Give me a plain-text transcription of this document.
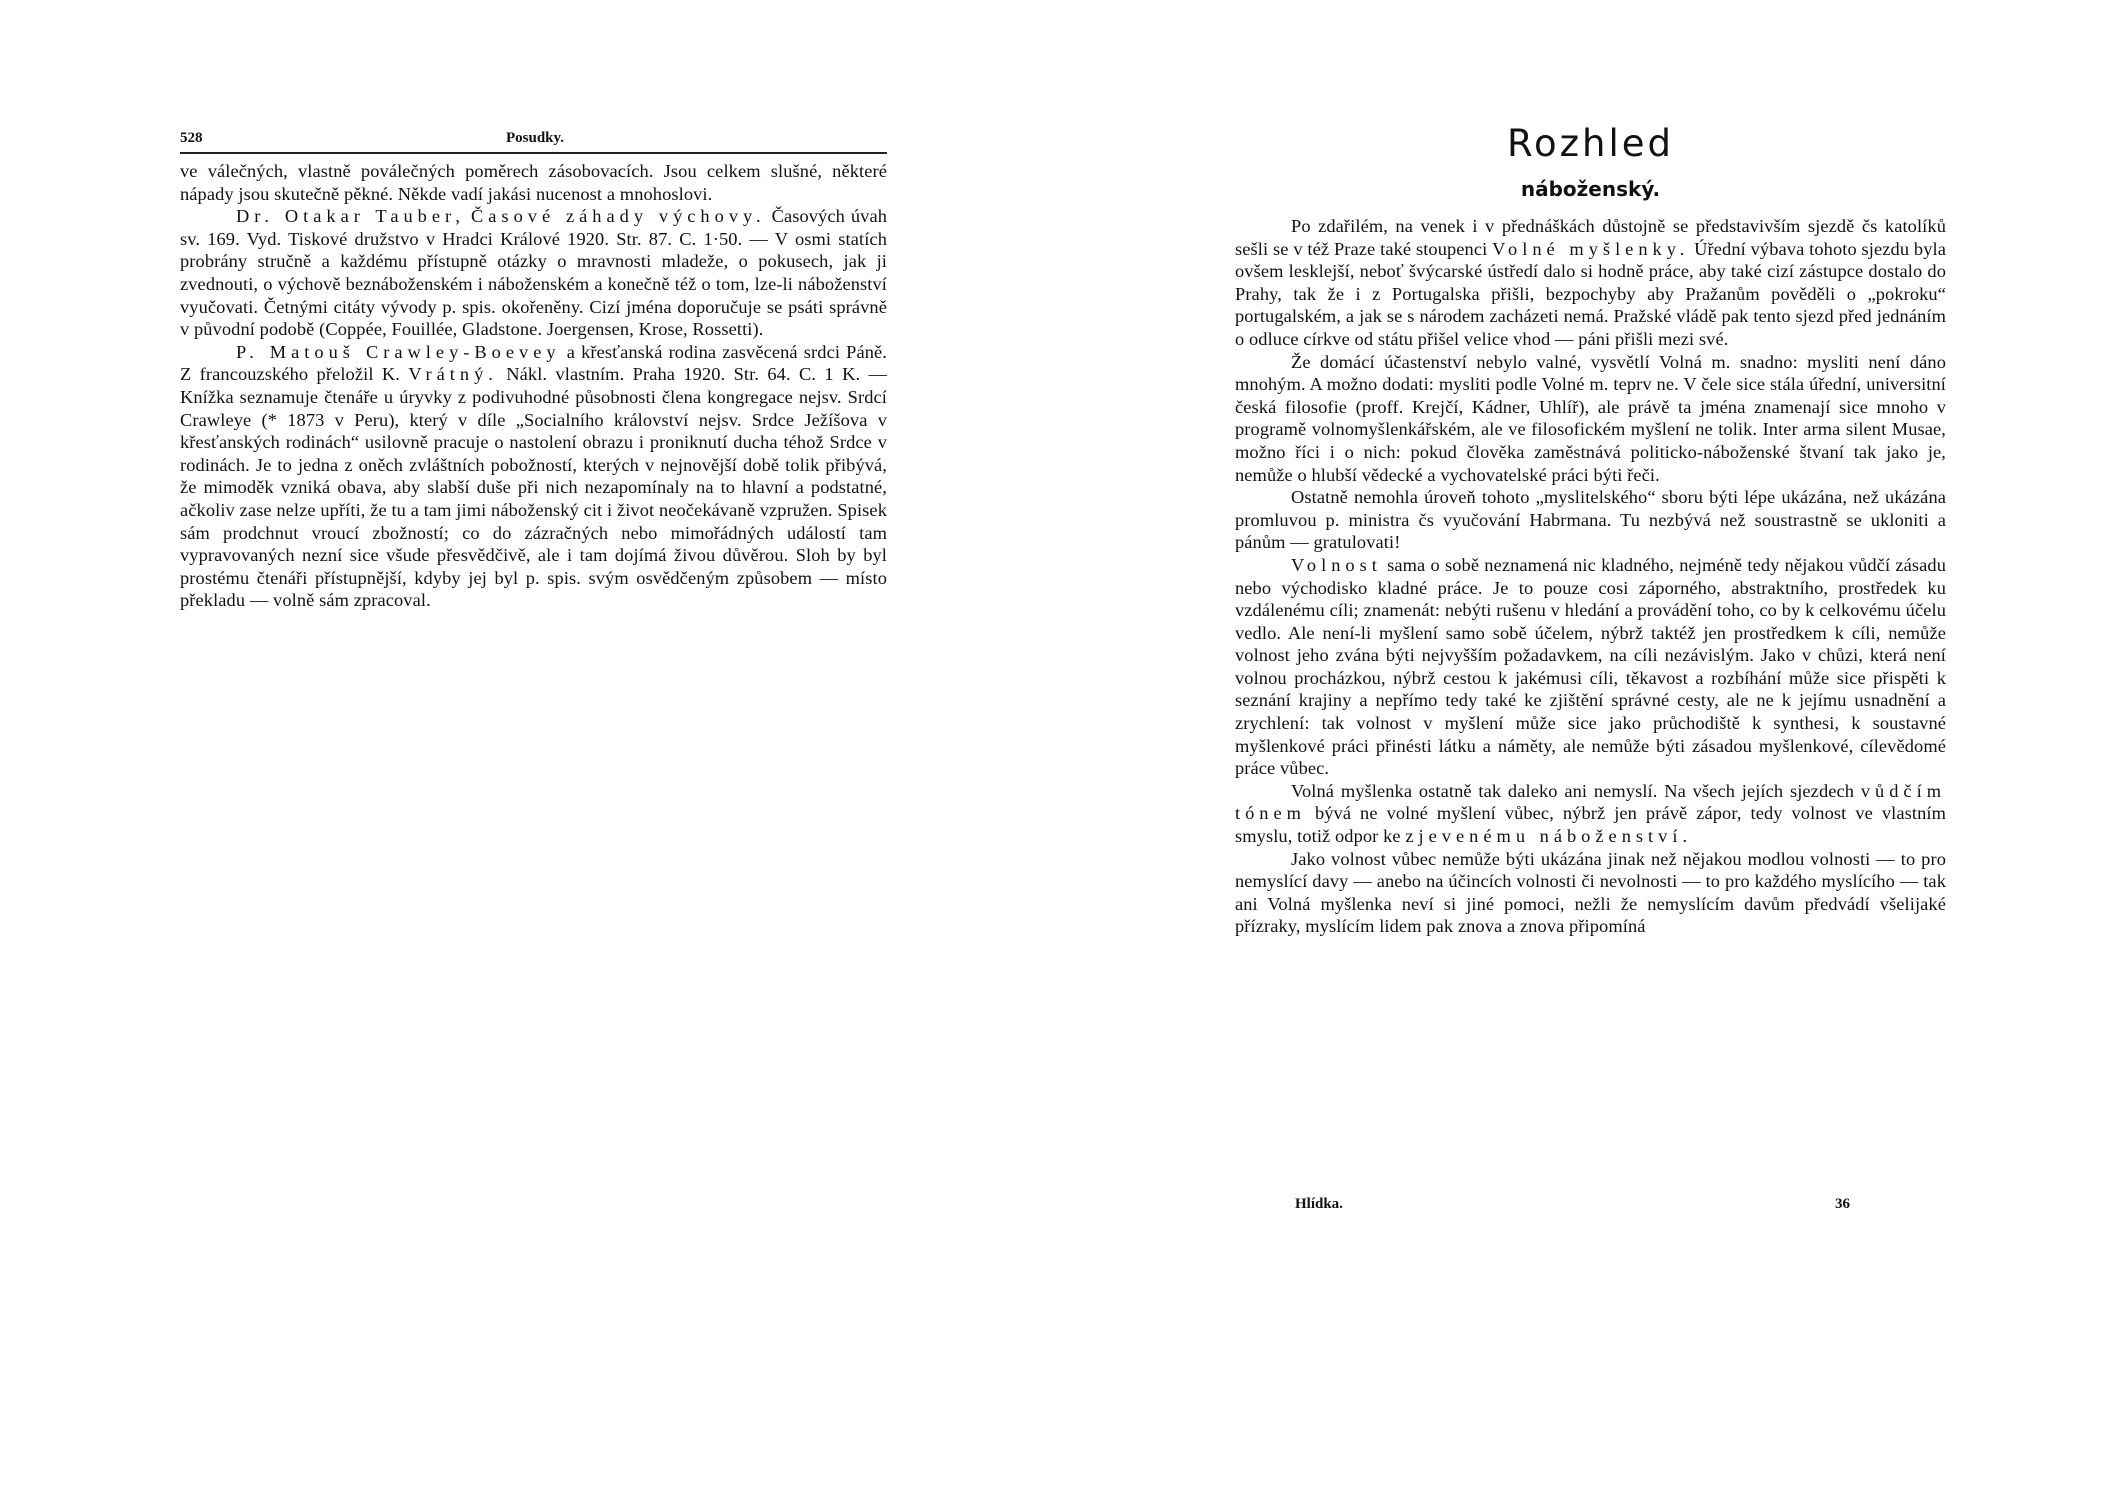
528	Posudky.

ve válečných, vlastně poválečných poměrech zásobovacích. Jsou celkem slušné, některé nápady jsou skutečně pěkné. Někde vadí jakási nucenost a mnohoslovi.

Dr. Otakar Tauber, Časové záhady výchovy. Časových úvah sv. 169. Vyd. Tiskové družstvo v Hradci Králové 1920. Str. 87. C. 1·50. — V osmi statích probrány stručně a každému přístupně otázky o mravnosti mladeže, o pokusech, jak ji zvednouti, o výchově beznáboženském i náboženském a konečně též o tom, lze-li náboženství vyučovati. Četnými citáty vývody p. spis. okořeněny. Cizí jména doporučuje se psáti správně v původní podobě (Coppée, Fouillée, Gladstone. Joergensen, Krose, Rossetti).

P. Matouš Crawley-Boevey a křesťanská rodina zasvěcená srdci Páně. Z francouzského přeložil K. Vrátný. Nákl. vlastním. Praha 1920. Str. 64. C. 1 K. — Knížka seznamuje čtenáře u úryvky z podivuhodné působnosti člena kongregace nejsv. Srdcí Crawleye (* 1873 v Peru), který v díle „Socialního království nejsv. Srdce Ježíšova v křesťanských rodinách“ usilovně pracuje o nastolení obrazu i proniknutí ducha téhož Srdce v rodinách. Je to jedna z oněch zvláštních pobožností, kterých v nejnovější době tolik přibývá, že mimoděk vzniká obava, aby slabší duše při nich nezapomínaly na to hlavní a podstatné, ačkoliv zase nelze upříti, že tu a tam jimi náboženský cit i život neočekávaně vzpružen. Spisek sám prodchnut vroucí zbožností; co do zázračných nebo mimořádných událostí tam vypravovaných nezní sice všude přesvědčivě, ale i tam dojímá živou důvěrou. Sloh by byl prostému čtenáři přístupnější, kdyby jej byl p. spis. svým osvědčeným způsobem — místo překladu — volně sám zpracoval.

Rozhled
náboženský.

Po zdařilém, na venek i v přednáškách důstojně se představivším sjezdě čs katolíků sešli se v též Praze také stoupenci Volné myšlenky. Úřední výbava tohoto sjezdu byla ovšem lesklejší, neboť švýcarské ústředí dalo si hodně práce, aby také cizí zástupce dostalo do Prahy, tak že i z Portugalska přišli, bezpochyby aby Pražanům pověděli o „pokroku“ portugalském, a jak se s národem zacházeti nemá. Pražské vládě pak tento sjezd před jednáním o odluce církve od státu přišel velice vhod — páni přišli mezi své.

Že domácí účastenství nebylo valné, vysvětlí Volná m. snadno: mysliti není dáno mnohým. A možno dodati: mysliti podle Volné m. teprv ne. V čele sice stála úřední, universitní česká filosofie (proff. Krejčí, Kádner, Uhlíř), ale právě ta jména znamenají sice mnoho v programě volnomyšlenkářském, ale ve filosofickém myšlení ne tolik. Inter arma silent Musae, možno říci i o nich: pokud člověka zaměstnává politicko-náboženské štvaní tak jako je, nemůže o hlubší vědecké a vychovatelské práci býti řeči.

Ostatně nemohla úroveň tohoto „myslitelského“ sboru býti lépe ukázána, než ukázána promluvou p. ministra čs vyučování Habrmana. Tu nezbývá než soustrastně se ukloniti a pánům — gratulovati!

Volnost sama o sobě neznamená nic kladného, nejméně tedy nějakou vůdčí zásadu nebo východisko kladné práce. Je to pouze cosi záporného, abstraktního, prostředek ku vzdálenému cíli; znamenát: nebýti rušenu v hledání a provádění toho, co by k celkovému účelu vedlo. Ale není-li myšlení samo sobě účelem, nýbrž taktéž jen prostředkem k cíli, nemůže volnost jeho zvána býti nejvyšším požadavkem, na cíli nezávislým. Jako v chůzi, která není volnou procházkou, nýbrž cestou k jakémusi cíli, těkavost a rozbíhání může sice přispěti k seznání krajiny a nepřímo tedy také ke zjištění správné cesty, ale ne k jejímu usnadnění a zrychlení: tak volnost v myšlení může sice jako průchodiště k synthesi, k soustavné myšlenkové práci přinésti látku a náměty, ale nemůže býti zásadou myšlenkové, cílevědomé práce vůbec.

Volná myšlenka ostatně tak daleko ani nemyslí. Na všech jejích sjezdech vůdčím tónem bývá ne volné myšlení vůbec, nýbrž jen právě zápor, tedy volnost ve vlastním smyslu, totiž odpor ke zjevenému náboženství.

Jako volnost vůbec nemůže býti ukázána jinak než nějakou modlou volnosti — to pro nemyslící davy — anebo na účincích volnosti či nevolnosti — to pro každého myslícího — tak ani Volná myšlenka neví si jiné pomoci, nežli že nemyslícím davům předvádí všelijaké přízraky, myslícím lidem pak znova a znova připomíná

Hlídka.	36
